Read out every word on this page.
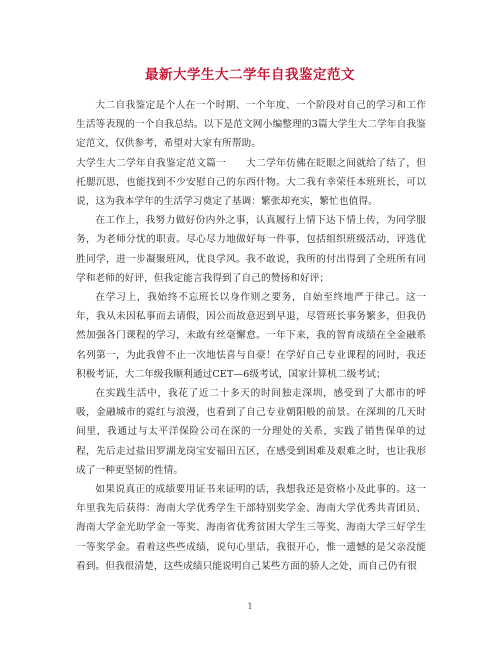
最新大学生大二学年自我鉴定范文

大二自我鉴定是个人在一个时期、一个年度、一个阶段对自己的学习和工作生活等表现的一个自我总结。以下是范文网小编整理的3篇大学生大二学年自我鉴定范文，仅供参考，希望对大家有所帮助。

大学生大二学年自我鉴定范文篇一　　大二学年仿佛在眨眼之间就给了结了，但托腮沉思，也能找到不少安慰自己的东西什物。大二我有幸荣任本班班长，可以说，这为我本学年的生活学习奠定了基调：繁张却充实，繁忙也值得。

在工作上，我努力做好份内外之事，认真履行上情下达下情上传，为同学服务，为老师分忧的职责。尽心尽力地做好每一件事，包括组织班级活动，评选优胜同学，进一步凝聚班风，优良学风。我不敢说，我所的付出得到了全班所有同学和老师的好评，但我定能言我得到了自己的赞扬和好评；

在学习上，我始终不忘班长以身作则之要务，自始至终地严于律己。这一年，我从未因私事而去请假，因公而故意迟到早退，尽管班长事务繁多，但我仍然加强各门课程的学习，未敢有丝毫懈怠。一年下来，我的智育成绩在全金融系名列第一，为此我曾不止一次地怯喜与自豪！在学好自己专业课程的同时，我还积极考证，大二年级我顺利通过CET—6级考试，国家计算机二级考试；

在实践生活中，我花了近二十多天的时间独走深圳，感受到了大都市的呼吸，金融城市的霓红与浪漫，也看到了自己专业朝阳般的前景。在深圳的几天时间里，我通过与太平洋保险公司在深的一分理处的关系，实践了销售保单的过程，先后走过盐田罗湖龙岗宝安福田五区，在感受到困难及艰难之时，也让我形成了一种更坚韧的性情。

如果说真正的成绩要用证书来证明的话，我想我还是资格小及此事的。这一年里我先后获得：海南大学优秀学生干部特别奖学金、海南大学优秀共青团员、海南大学金光助学金一等奖、海南省优秀贫困大学生三等奖、海南大学三好学生一等奖学金。看着这些些成绩，说句心里话，我很开心，惟一遗憾的是父亲没能看到。但我很清楚，这些成绩只能说明自己某些方面的骄人之处，而自己仍有很

1
